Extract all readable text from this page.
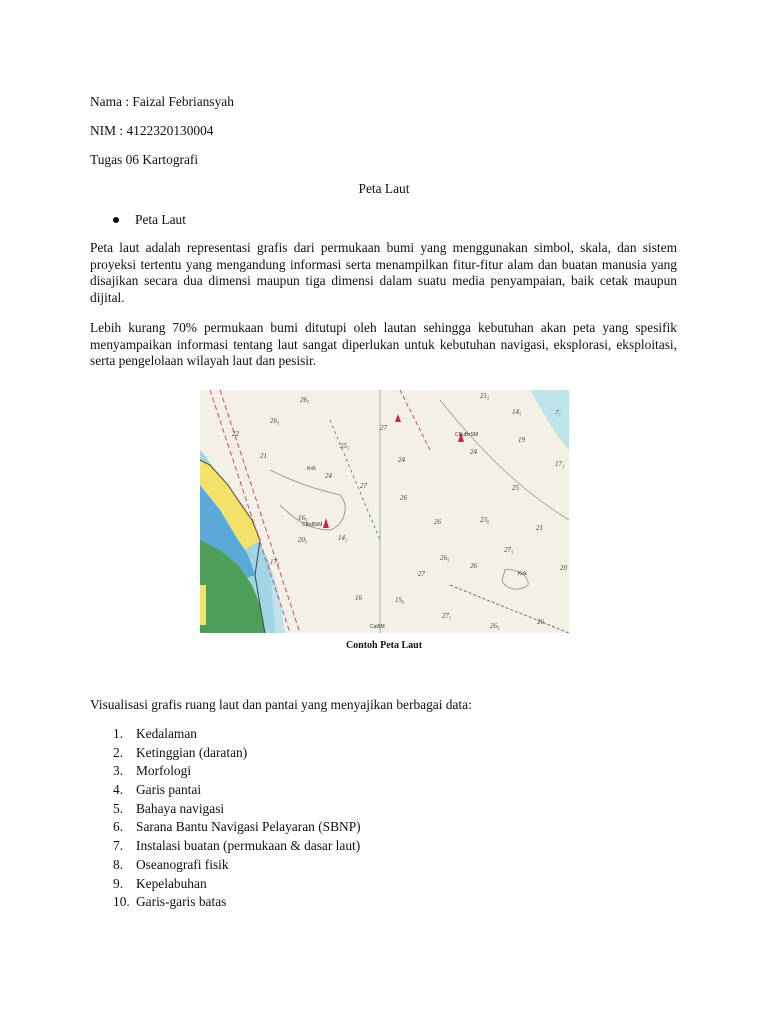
Nama : Faizal Febriansyah
NIM : 4122320130004
Tugas 06 Kartografi
Peta Laut
Peta Laut
Peta laut adalah representasi grafis dari permukaan bumi yang menggunakan simbol, skala, dan sistem proyeksi tertentu yang mengandung informasi serta menampilkan fitur-fitur alam dan buatan manusia yang disajikan secara dua dimensi maupun tiga dimensi dalam suatu media penyampaian, baik cetak maupun dijital.
Lebih kurang 70% permukaan bumi ditutupi oleh lautan sehingga kebutuhan akan peta yang spesifik menyampaikan informasi tentang laut sangat diperlukan untuk kebutuhan navigasi, eksplorasi, eksploitasi, serta pengelolaan wilayah laut dan pesisir.
26₅	21₅
14₅	7₇
22
26₅
27
25₂
24
19
17₂
21	24
24
27
26
25
26	23₆
21
16₅
14₂
20₅
27₅
26₅
27
26
17₄
16	15₆
27₅
26₅	26
20
CKuBxSM
Kr/k
CBxBSM
Cat6M
Kr/k
Contoh Peta Laut
Visualisasi grafis ruang laut dan pantai yang menyajikan berbagai data:
1. Kedalaman
2. Ketinggian (daratan)
3. Morfologi
4. Garis pantai
5. Bahaya navigasi
6. Sarana Bantu Navigasi Pelayaran (SBNP)
7. Instalasi buatan (permukaan & dasar laut)
8. Oseanografi fisik
9. Kepelabuhan
10. Garis-garis batas
